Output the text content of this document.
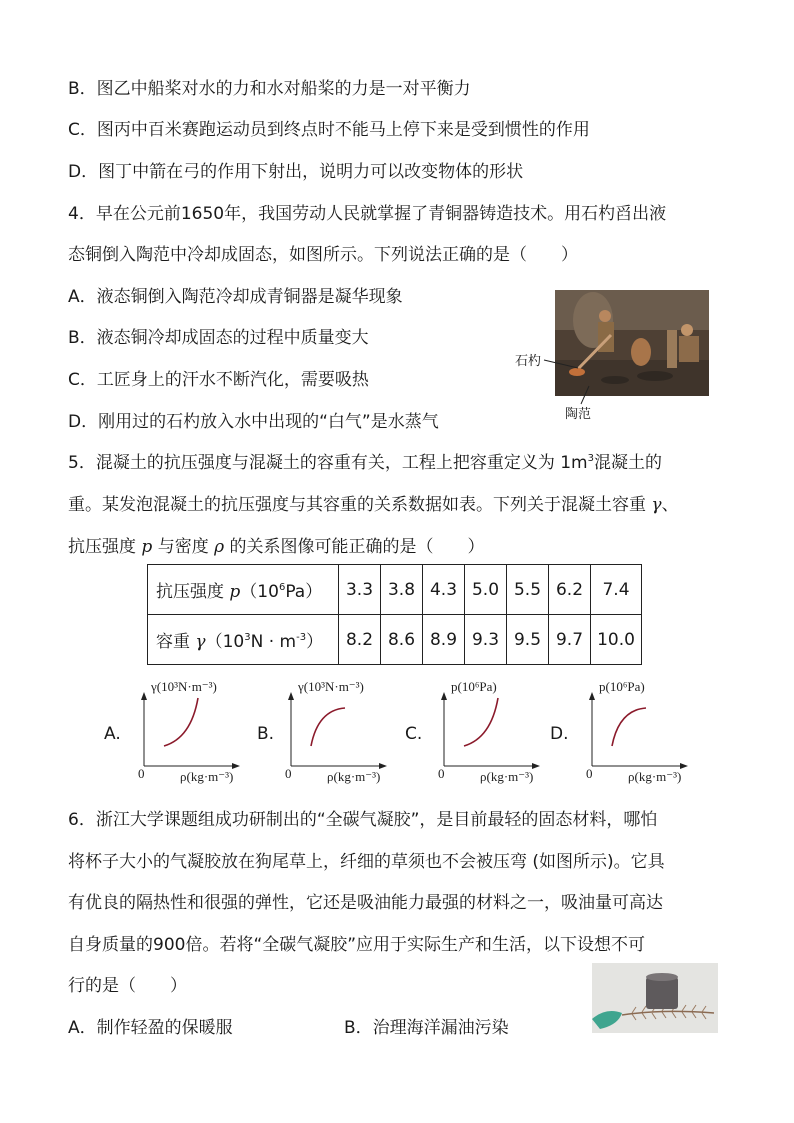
B．图乙中船桨对水的力和水对船桨的力是一对平衡力
C．图丙中百米赛跑运动员到终点时不能马上停下来是受到惯性的作用
D．图丁中箭在弓的作用下射出，说明力可以改变物体的形状
4．早在公元前1650年，我国劳动人民就掌握了青铜器铸造技术。用石杓舀出液
态铜倒入陶范中冷却成固态，如图所示。下列说法正确的是（　　）
A．液态铜倒入陶范冷却成青铜器是凝华现象
B．液态铜冷却成固态的过程中质量变大
C．工匠身上的汗水不断汽化，需要吸热
D．刚用过的石杓放入水中出现的“白气”是水蒸气
石杓
陶范
5．混凝土的抗压强度与混凝土的容重有关，工程上把容重定义为 $1m^3$混凝土的
重。某发泡混凝土的抗压强度与其容重的关系数据如表。下列关于混凝土容重 γ、
抗压强度 p 与密度 ρ 的关系图像可能正确的是（　　）
抗压强度 $p(10^6Pa)$	3.3	3.8	4.3	5.0	5.5	6.2	7.4
容重 $\gamma(10^3N \cdot m^{-3})$	8.2	8.6	8.9	9.3	9.5	9.7	10.0
A.
γ(10³N·m⁻³)
0	ρ(kg·m⁻³)
B.
γ(10³N·m⁻³)
0	ρ(kg·m⁻³)
C.
p(10⁶Pa)
0	ρ(kg·m⁻³)
D.
p(10⁶Pa)
0	ρ(kg·m⁻³)
6．浙江大学课题组成功研制出的“全碳气凝胶”，是目前最轻的固态材料，哪怕
将杯子大小的气凝胶放在狗尾草上，纤细的草须也不会被压弯 (如图所示)。它具
有优良的隔热性和很强的弹性，它还是吸油能力最强的材料之一，吸油量可高达
自身质量的900倍。若将“全碳气凝胶”应用于实际生产和生活，以下设想不可
行的是（　　）
A．制作轻盈的保暖服	B．治理海洋漏油污染
